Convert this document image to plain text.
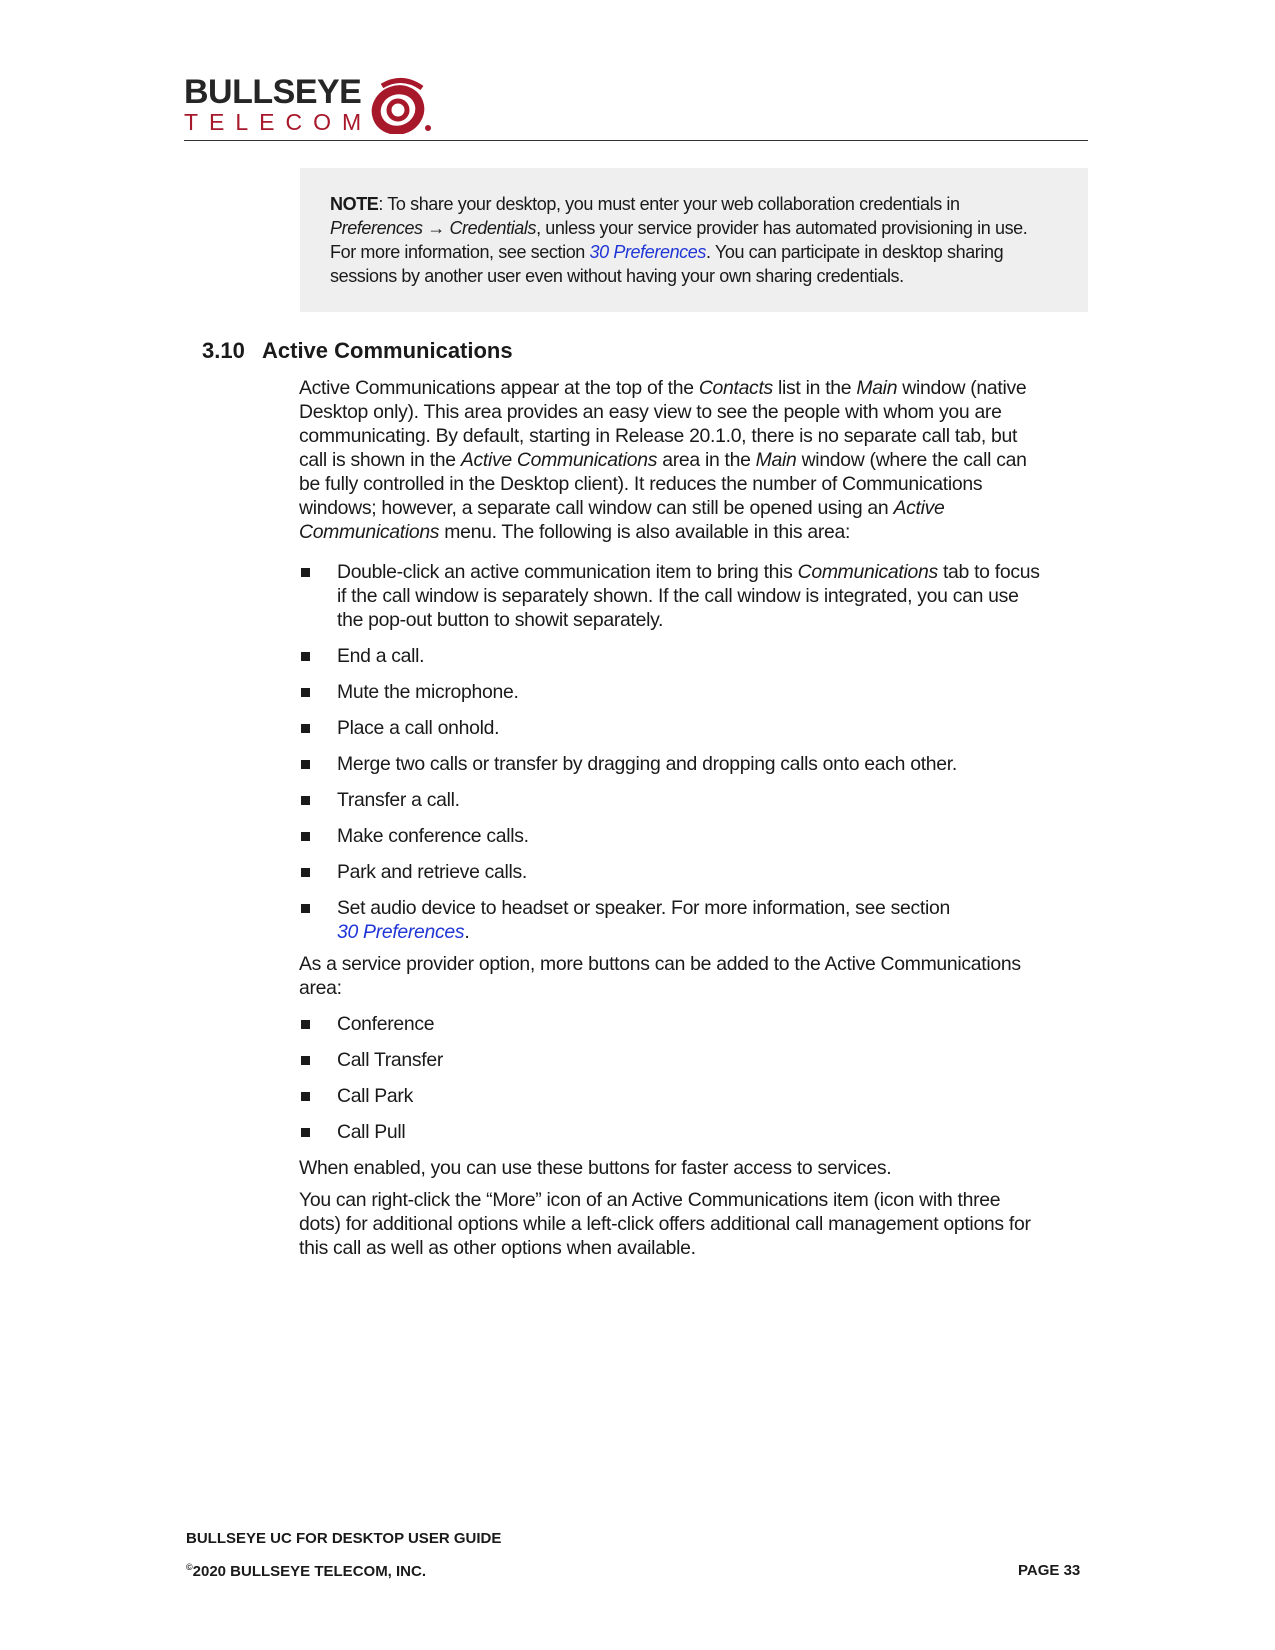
BULLSEYE
TELECOM
NOTE: To share your desktop, you must enter your web collaboration credentials in
Preferences → Credentials, unless your service provider has automated provisioning in use.
For more information, see section 30 Preferences. You can participate in desktop sharing
sessions by another user even without having your own sharing credentials.
3.10 Active Communications
Active Communications appear at the top of the Contacts list in the Main window (native
Desktop only). This area provides an easy view to see the people with whom you are
communicating. By default, starting in Release 20.1.0, there is no separate call tab, but
call is shown in the Active Communications area in the Main window (where the call can
be fully controlled in the Desktop client). It reduces the number of Communications
windows; however, a separate call window can still be opened using an Active
Communications menu. The following is also available in this area:
Double-click an active communication item to bring this Communications tab to focus
if the call window is separately shown. If the call window is integrated, you can use
the pop-out button to showit separately.
End a call.
Mute the microphone.
Place a call onhold.
Merge two calls or transfer by dragging and dropping calls onto each other.
Transfer a call.
Make conference calls.
Park and retrieve calls.
Set audio device to headset or speaker. For more information, see section
30 Preferences.
As a service provider option, more buttons can be added to the Active Communications
area:
Conference
Call Transfer
Call Park
Call Pull
When enabled, you can use these buttons for faster access to services.
You can right-click the “More” icon of an Active Communications item (icon with three
dots) for additional options while a left-click offers additional call management options for
this call as well as other options when available.
BULLSEYE UC FOR DESKTOP USER GUIDE
©2020 BULLSEYE TELECOM, INC.	PAGE 33
